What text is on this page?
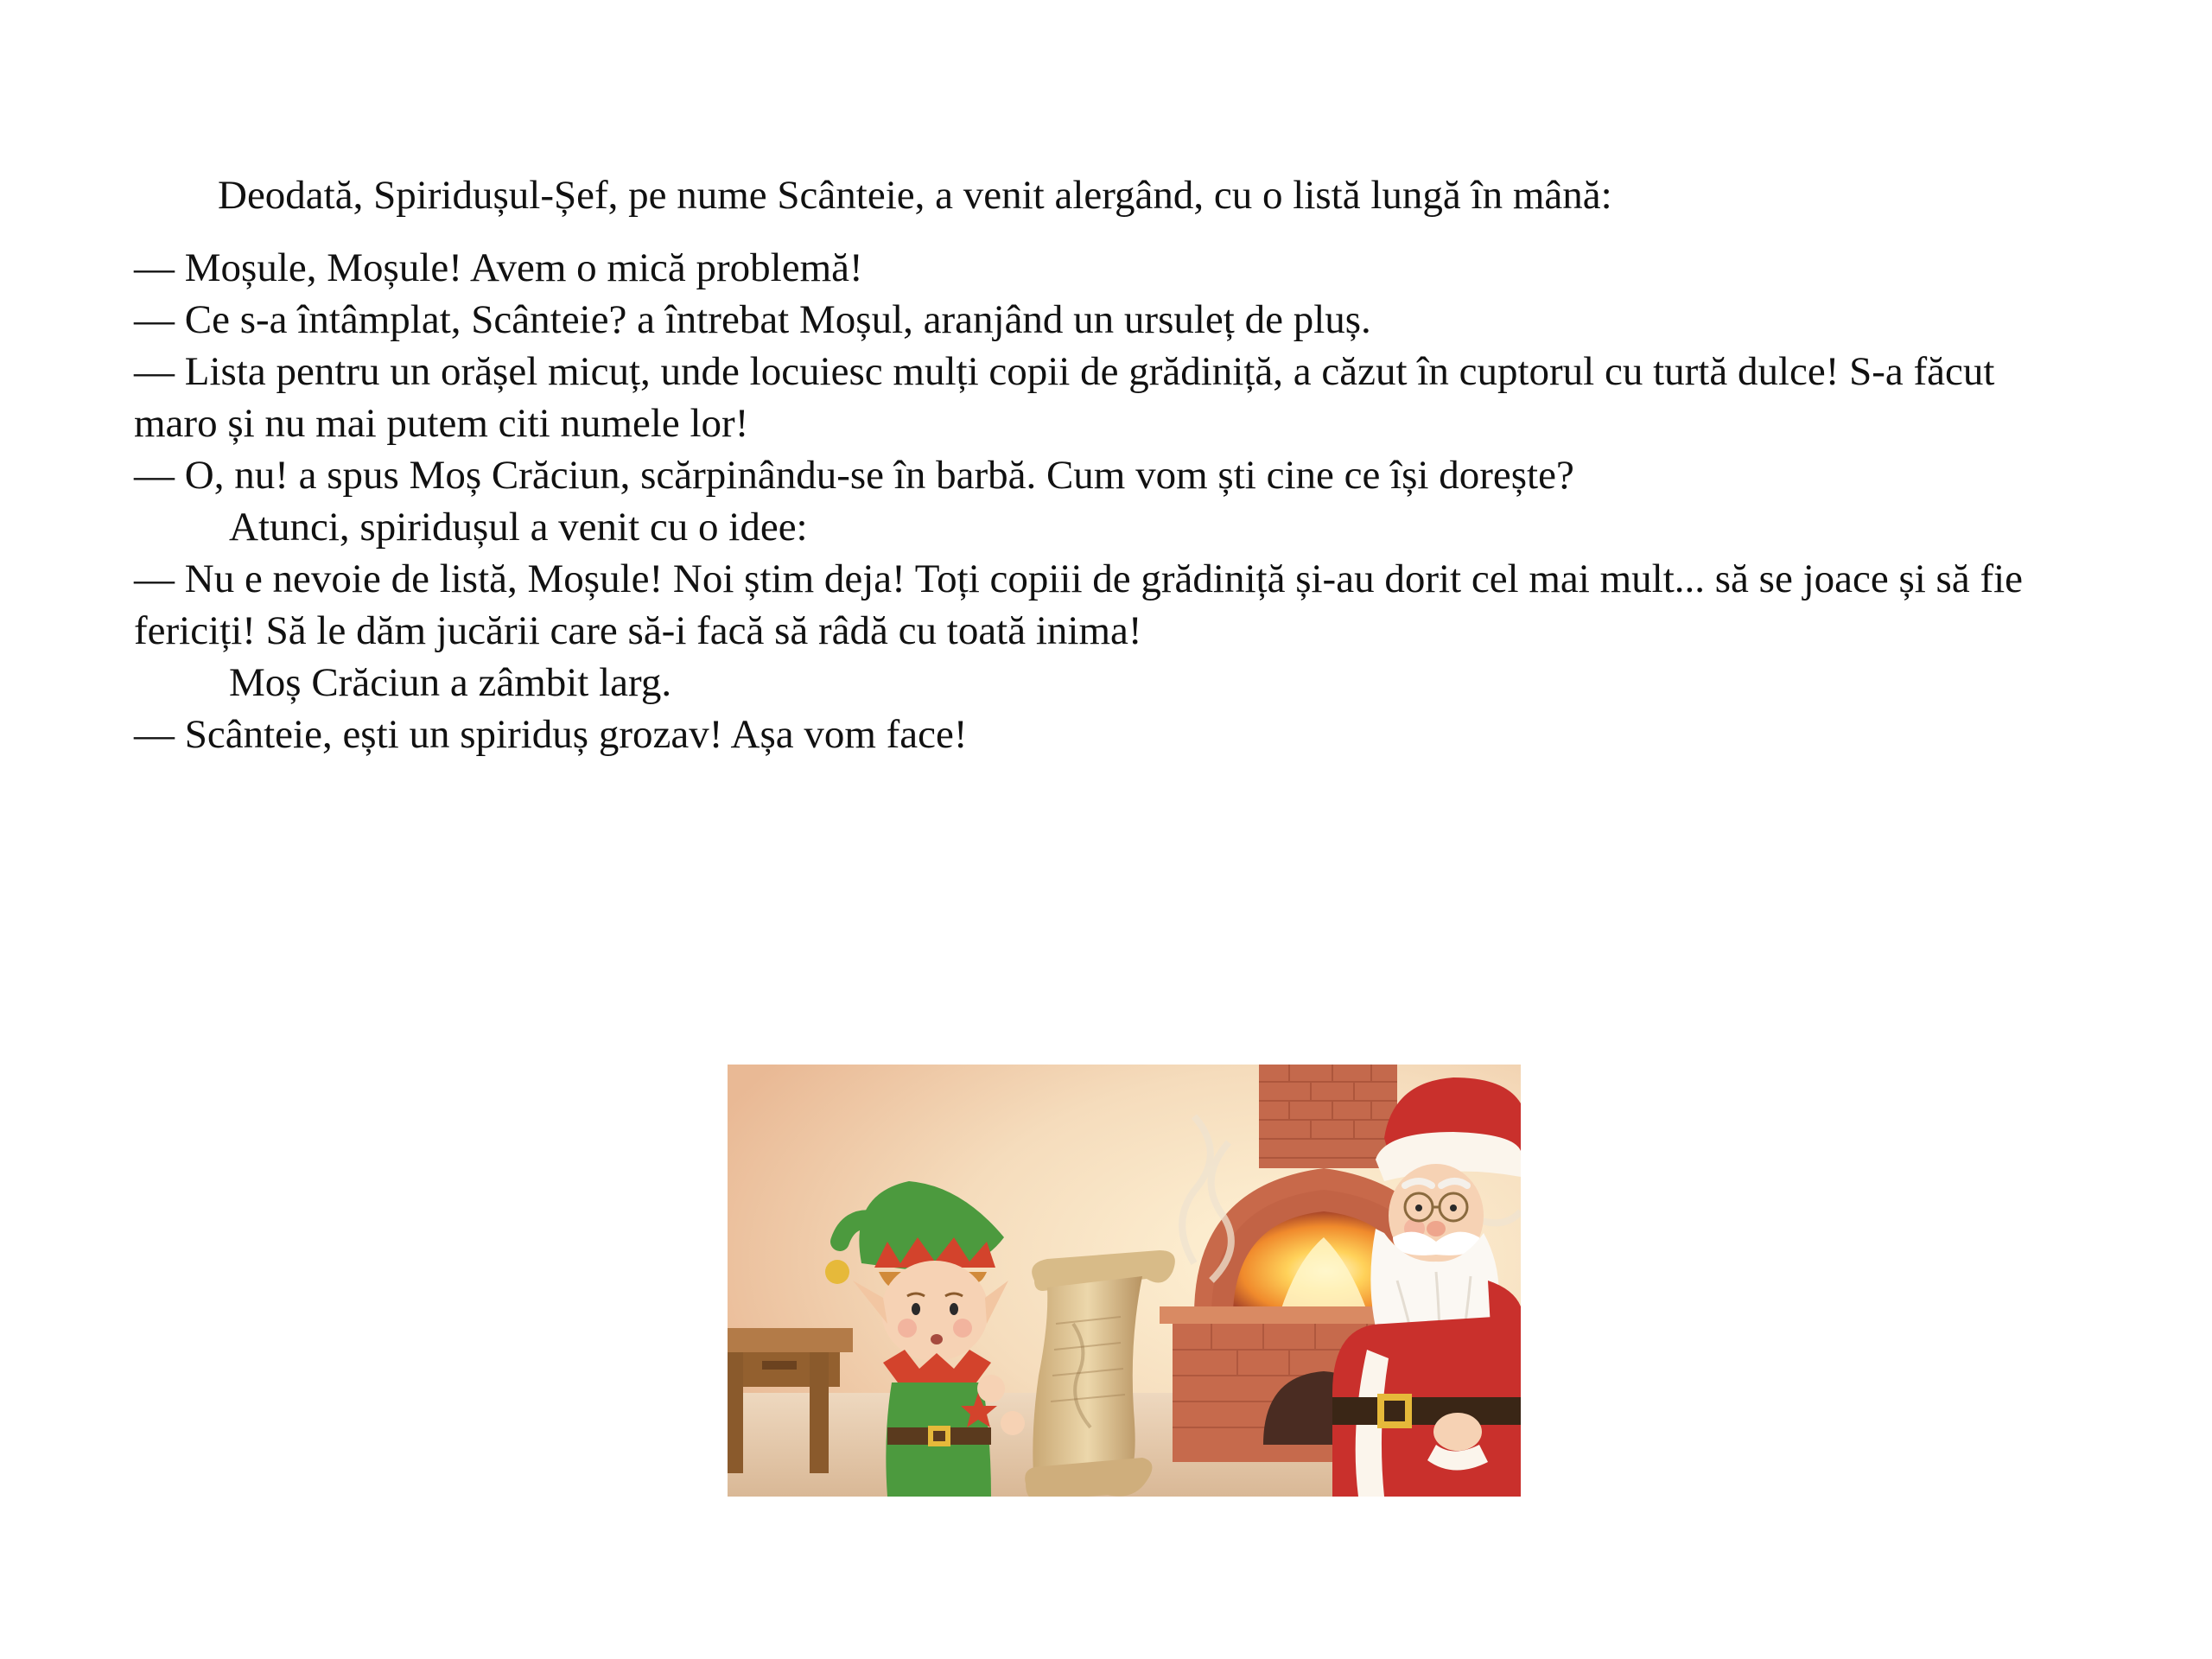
Deodată, Spiridușul-Șef, pe nume Scânteie, a venit alergând, cu o listă lungă în mână:

— Moșule, Moșule! Avem o mică problemă!

— Ce s-a întâmplat, Scânteie? a întrebat Moșul, aranjând un ursuleț de pluș.

— Lista pentru un orășel micuț, unde locuiesc mulți copii de grădiniță, a căzut în cuptorul cu turtă dulce! S-a făcut maro și nu mai putem citi numele lor!

— O, nu! a spus Moș Crăciun, scărpinându-se în barbă. Cum vom ști cine ce își dorește?

Atunci, spiridușul a venit cu o idee:

— Nu e nevoie de listă, Moșule! Noi știm deja! Toți copiii de grădiniță și-au dorit cel mai mult... să se joace și să fie fericiți! Să le dăm jucării care să-i facă să râdă cu toată inima!

Moș Crăciun a zâmbit larg.

— Scânteie, ești un spiriduș grozav! Așa vom face!
